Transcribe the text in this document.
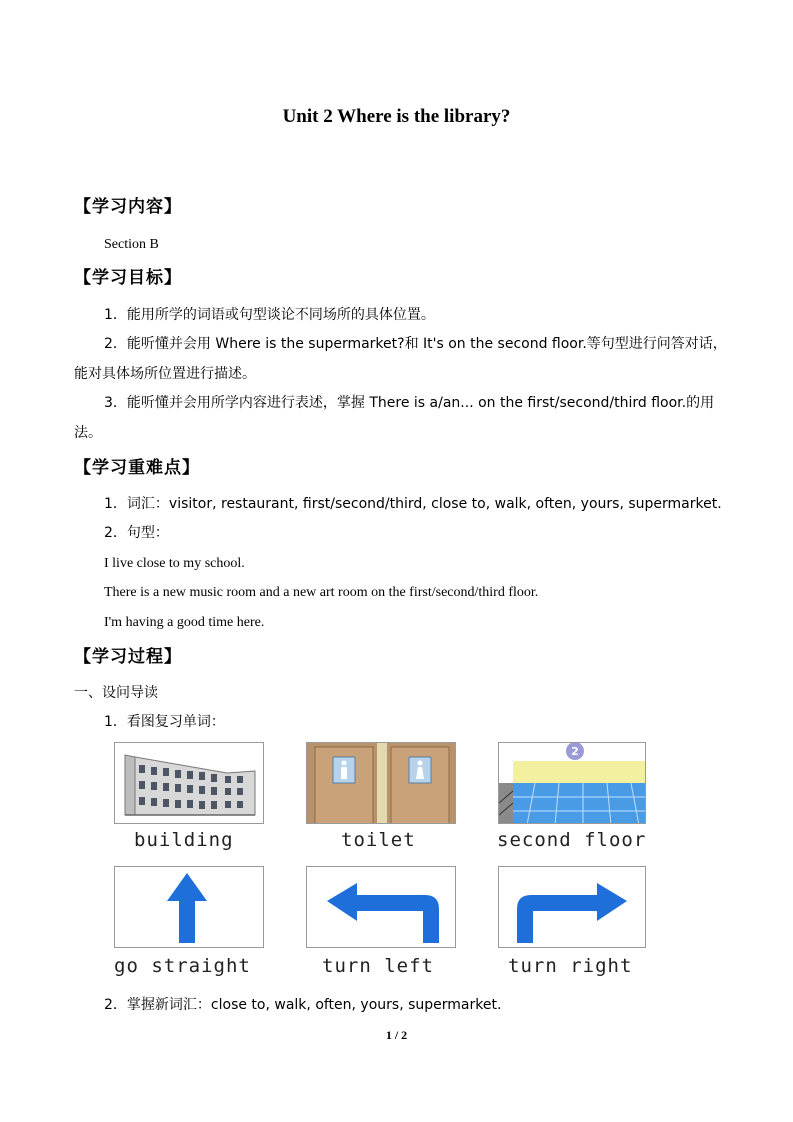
Unit 2 Where is the library?
【学习内容】
Section B
【学习目标】
1．能用所学的词语或句型谈论不同场所的具体位置。
2．能听懂并会用 Where is the supermarket?和 It's on the second floor.等句型进行问答对话，
能对具体场所位置进行描述。
3．能听懂并会用所学内容进行表述，掌握 There is a/an... on the first/second/third floor.的用
法。
【学习重难点】
1．词汇：visitor, restaurant, first/second/third, close to, walk, often, yours, supermarket.
2．句型：
I live close to my school.
There is a new music room and a new art room on the first/second/third floor.
I'm having a good time here.
【学习过程】
一、设问导读
1．看图复习单词：
building	toilet
2
second floor
go straight	turn left	turn right
2．掌握新词汇：close to, walk, often, yours, supermarket.
1 / 2
